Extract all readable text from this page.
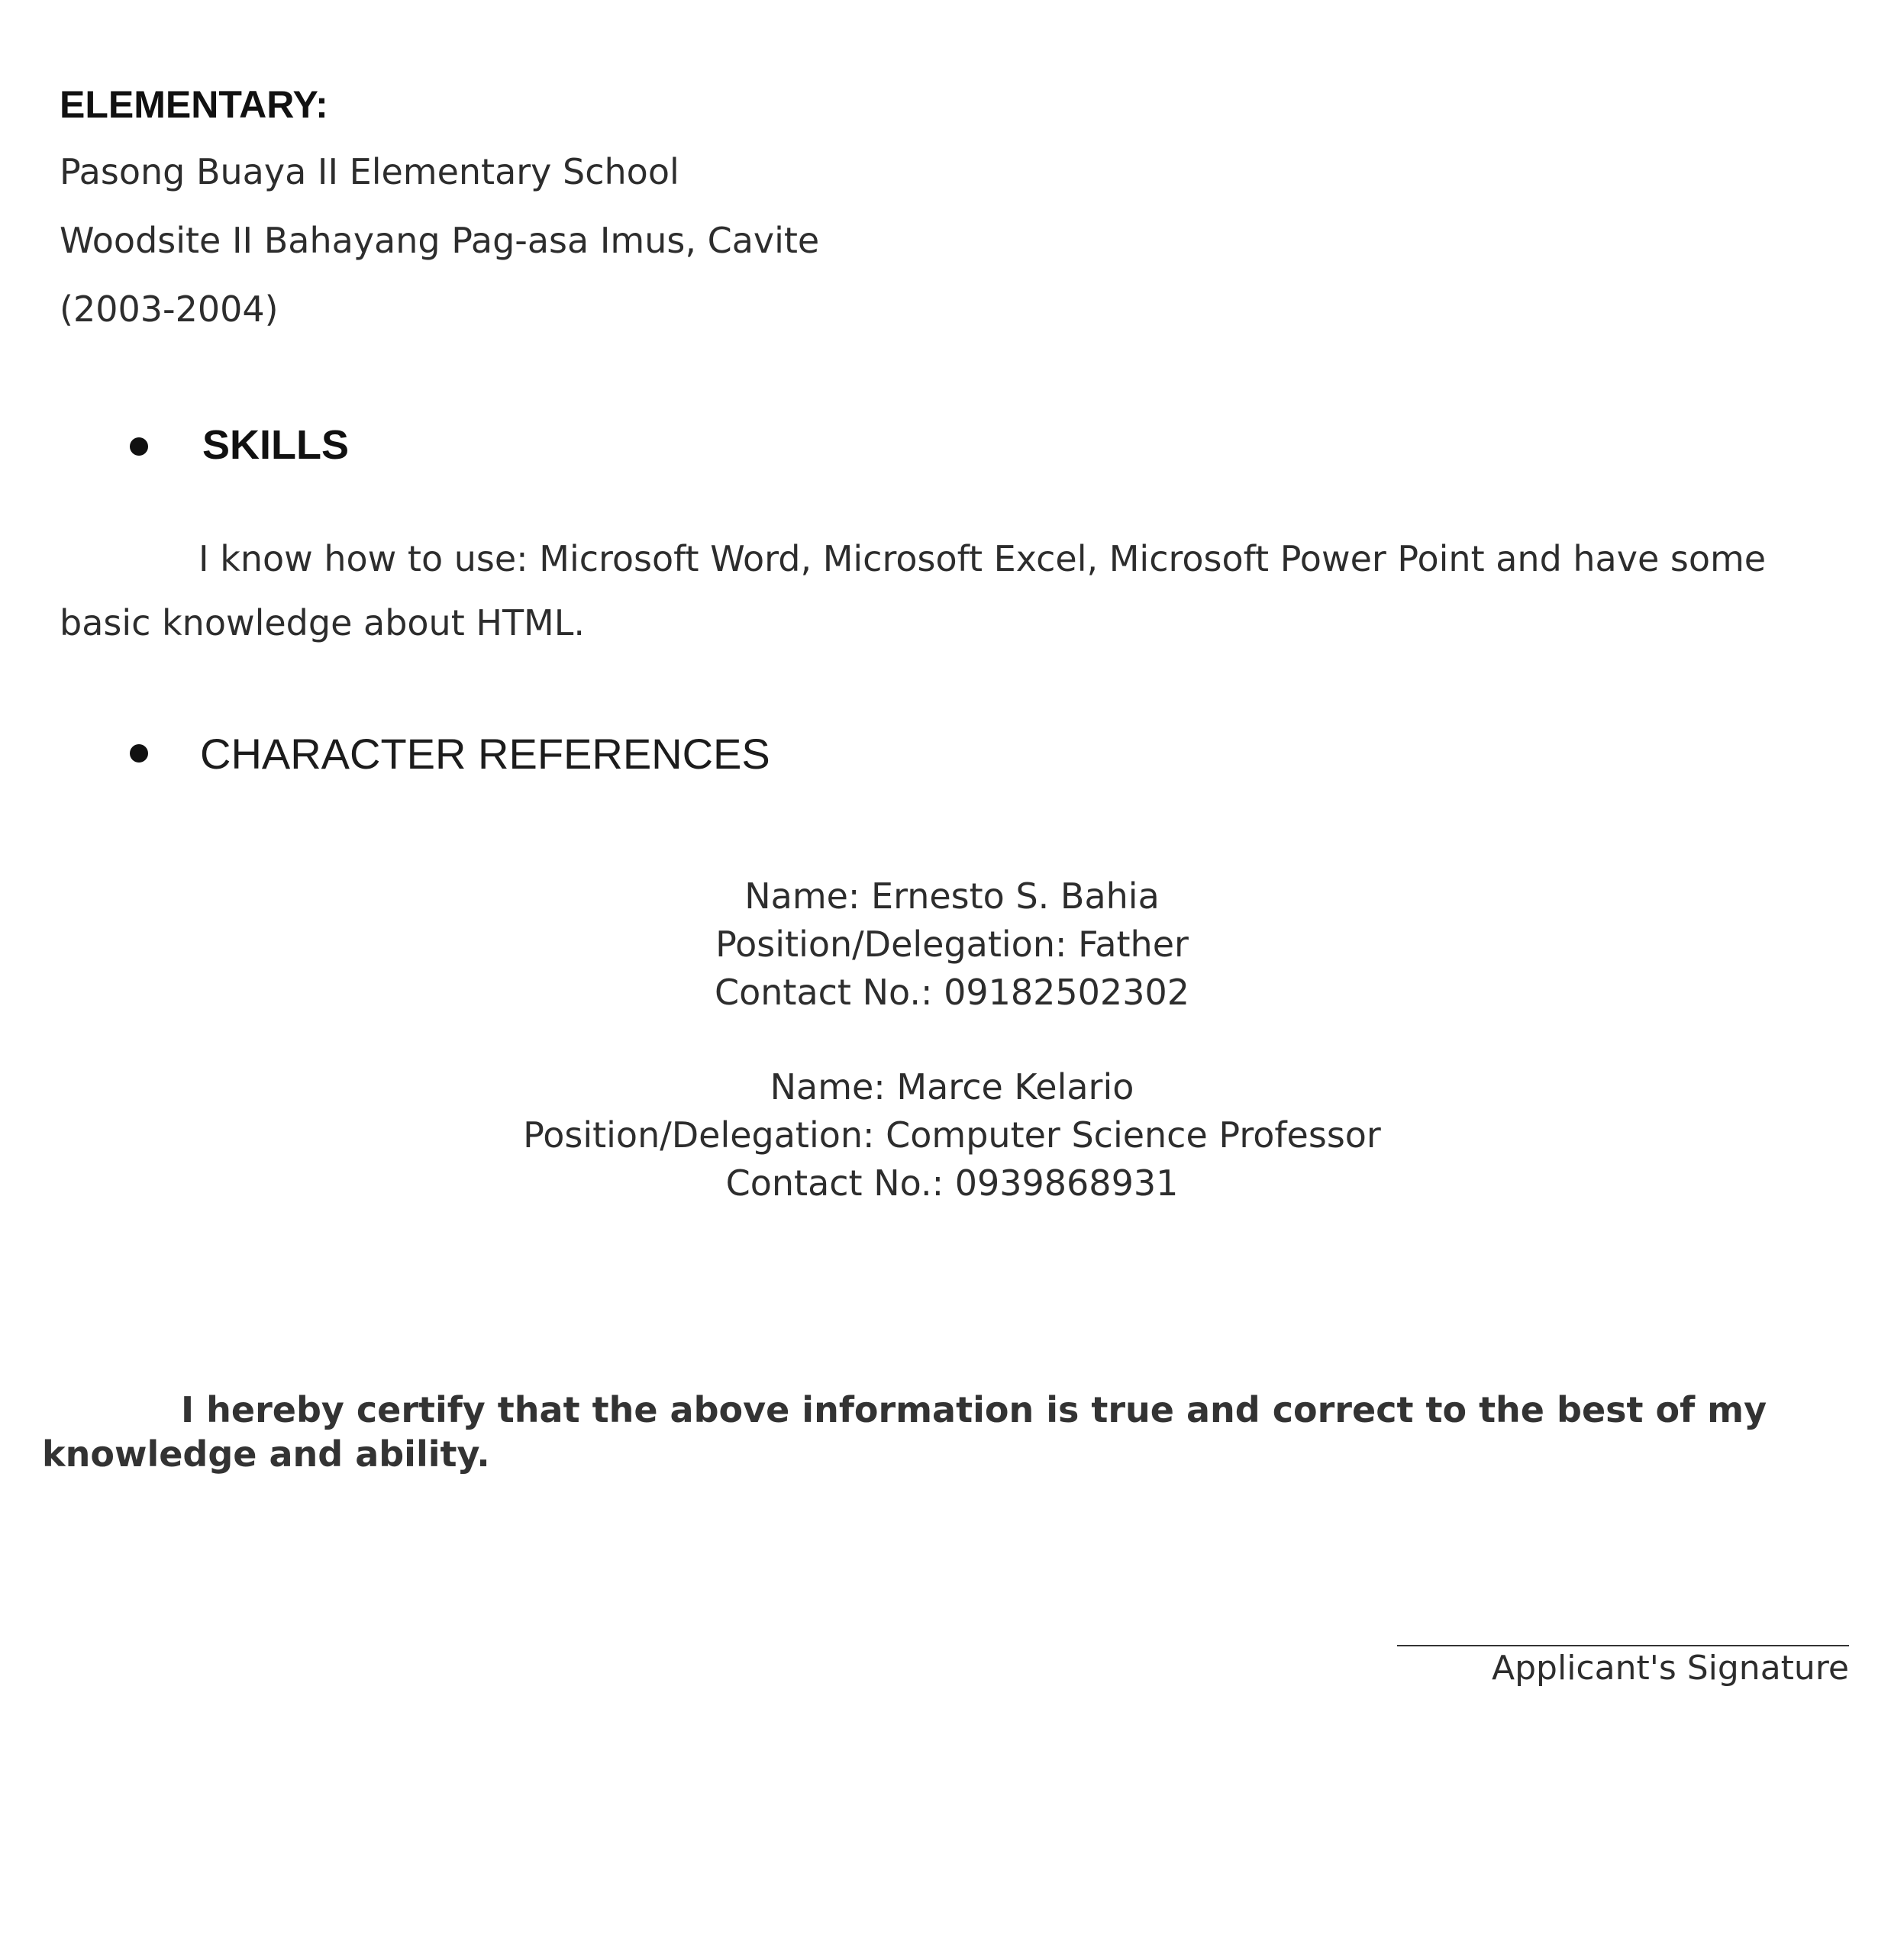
ELEMENTARY:
Pasong Buaya II Elementary School
Woodsite II Bahayang Pag-asa Imus, Cavite
(2003-2004)
SKILLS
I know how to use: Microsoft Word, Microsoft Excel, Microsoft Power Point and have some basic knowledge about HTML.
CHARACTER REFERENCES
Name: Ernesto S. Bahia
Position/Delegation: Father
Contact No.: 09182502302
Name: Marce Kelario
Position/Delegation: Computer Science Professor
Contact No.: 0939868931
I hereby certify that the above information is true and correct to the best of my knowledge and ability.
Applicant's Signature
